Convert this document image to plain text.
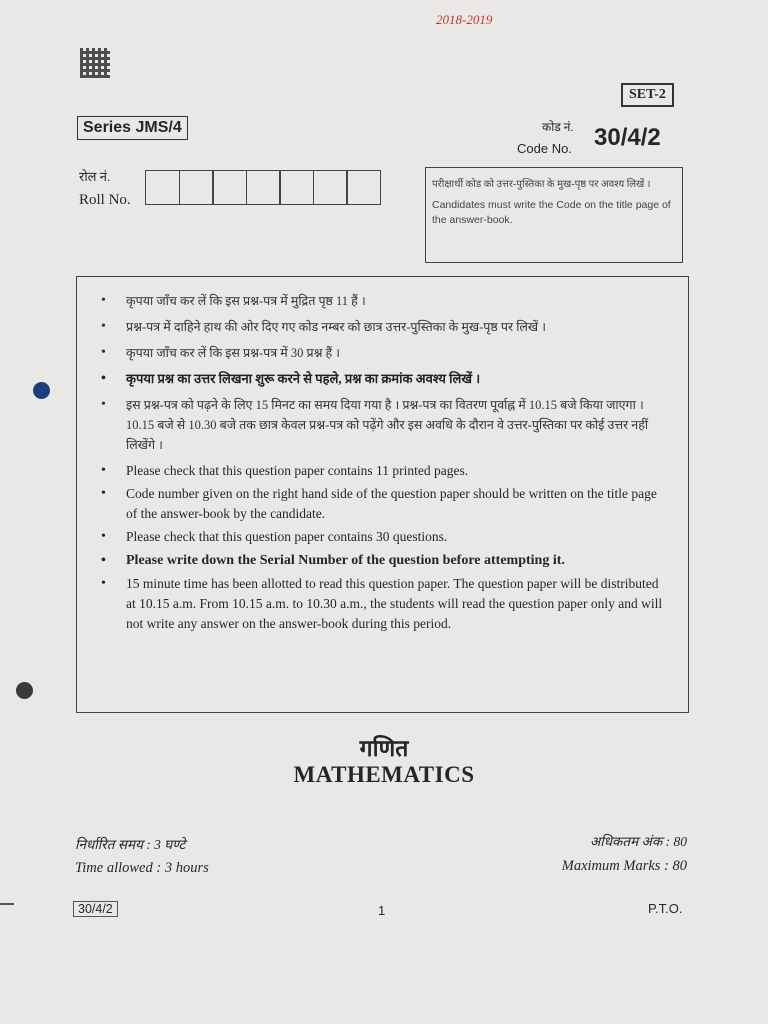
2018-2019
SET-2
Series JMS/4	कोड नं.
Code No. 30/4/2
रोल नं.
Roll No.
परीक्षार्थी कोड को उत्तर-पुस्तिका के मुख-पृष्ठ पर अवश्य लिखें ।
Candidates must write the Code on the title page of the answer-book.
• कृपया जाँच कर लें कि इस प्रश्न-पत्र में मुद्रित पृष्ठ 11 हैं ।
• प्रश्न-पत्र में दाहिने हाथ की ओर दिए गए कोड नम्बर को छात्र उत्तर-पुस्तिका के मुख-पृष्ठ पर लिखें ।
• कृपया जाँच कर लें कि इस प्रश्न-पत्र में 30 प्रश्न हैं ।
• कृपया प्रश्न का उत्तर लिखना शुरू करने से पहले, प्रश्न का क्रमांक अवश्य लिखें ।
• इस प्रश्न-पत्र को पढ़ने के लिए 15 मिनट का समय दिया गया है । प्रश्न-पत्र का वितरण पूर्वाह्न में 10.15 बजे किया जाएगा । 10.15 बजे से 10.30 बजे तक छात्र केवल प्रश्न-पत्र को पढ़ेंगे और इस अवधि के दौरान वे उत्तर-पुस्तिका पर कोई उत्तर नहीं लिखेंगे ।
• Please check that this question paper contains 11 printed pages.
• Code number given on the right hand side of the question paper should be written on the title page of the answer-book by the candidate.
• Please check that this question paper contains 30 questions.
• Please write down the Serial Number of the question before attempting it.
• 15 minute time has been allotted to read this question paper. The question paper will be distributed at 10.15 a.m. From 10.15 a.m. to 10.30 a.m., the students will read the question paper only and will not write any answer on the answer-book during this period.
गणित
MATHEMATICS
निर्धारित समय : 3 घण्टे
Time allowed : 3 hours
अधिकतम अंक : 80
Maximum Marks : 80
30/4/2	1	P.T.O.
